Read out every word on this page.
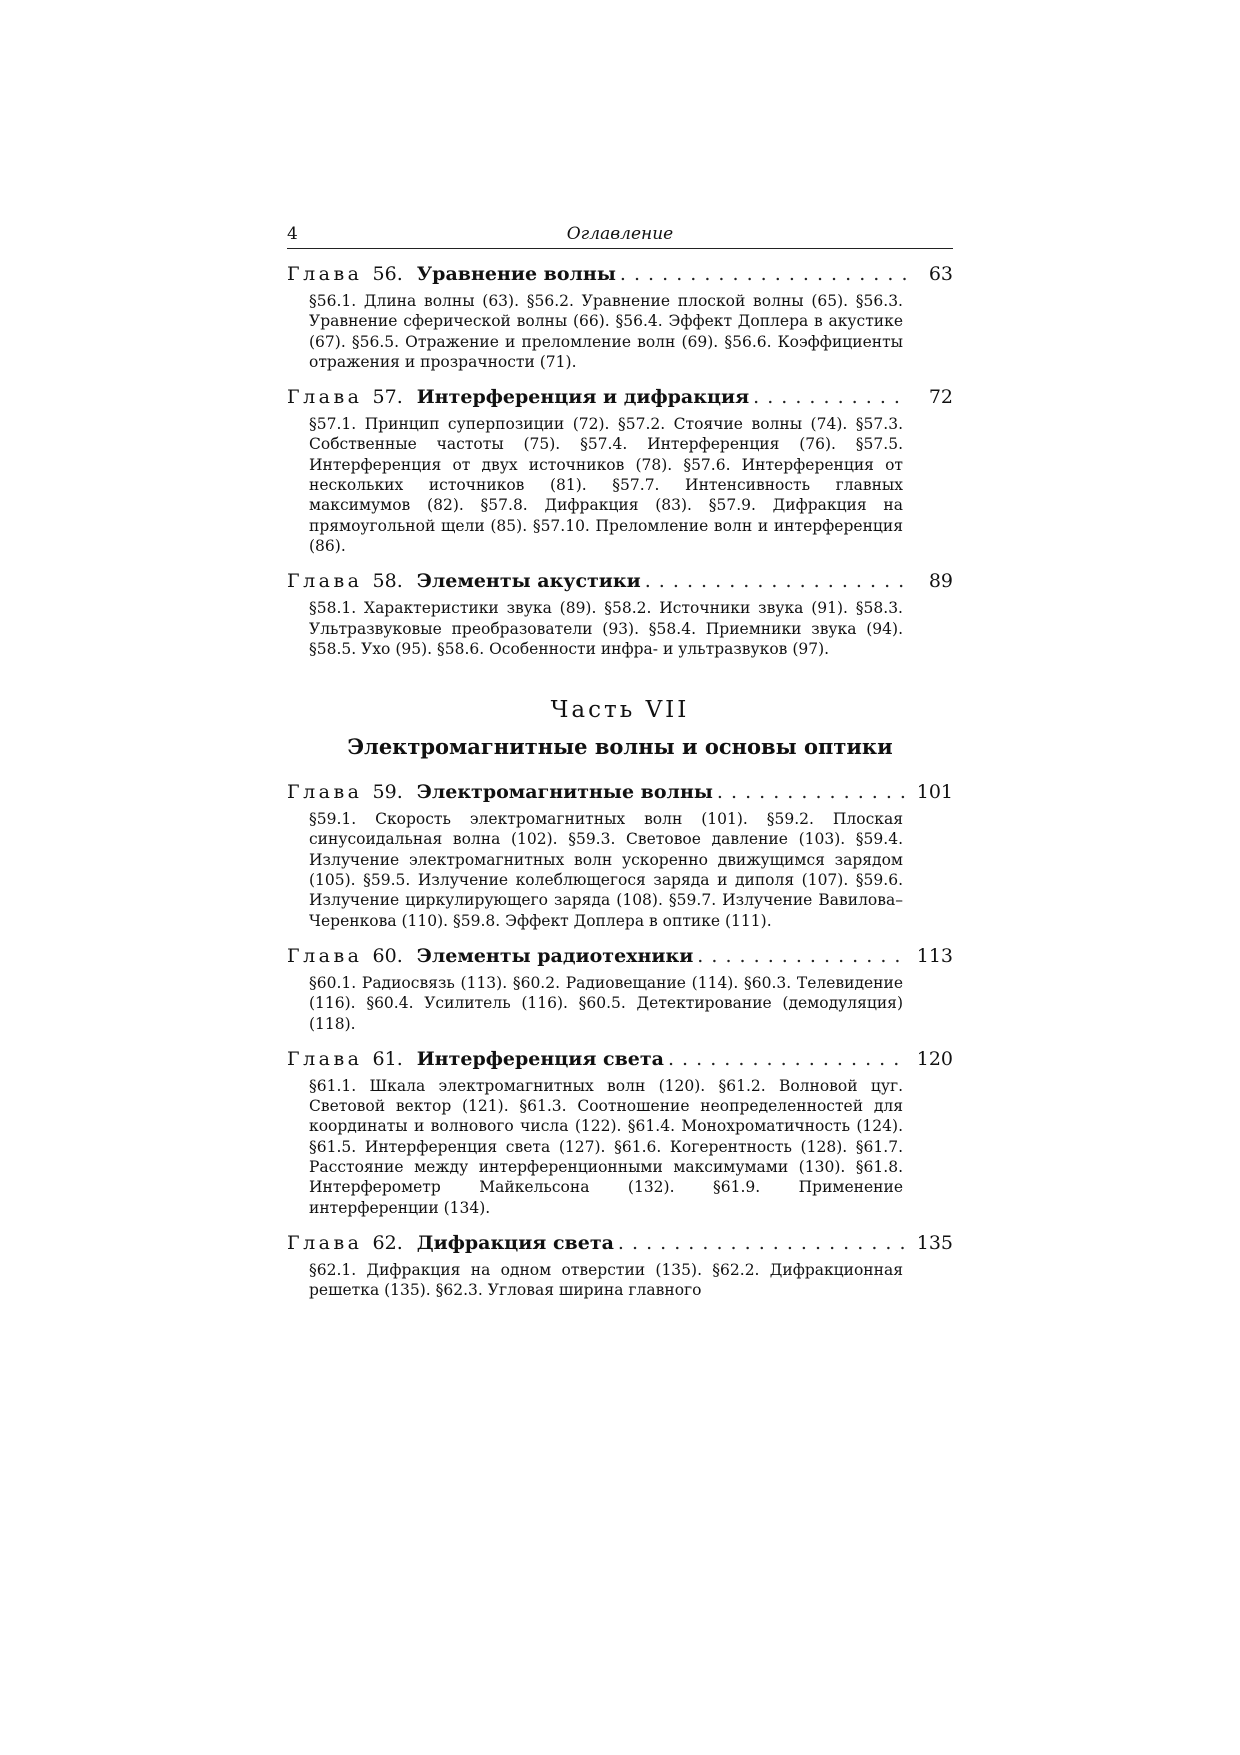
4	Оглавление
Глава 56. Уравнение волны . . .	63
§56.1. Длина волны (63). §56.2. Уравнение плоской волны (65). §56.3. Уравнение сферической волны (66). §56.4. Эффект Доплера в акустике (67). §56.5. Отражение и преломление волн (69). §56.6. Коэффициенты отражения и прозрачности (71).
Глава 57. Интерференция и дифракция . . .	72
§57.1. Принцип суперпозиции (72). §57.2. Стоячие волны (74). §57.3. Собственные частоты (75). §57.4. Интерференция (76). §57.5. Интерференция от двух источников (78). §57.6. Интерференция от нескольких источников (81). §57.7. Интенсивность главных максимумов (82). §57.8. Дифракция (83). §57.9. Дифракция на прямоугольной щели (85). §57.10. Преломление волн и интерференция (86).
Глава 58. Элементы акустики . . .	89
§58.1. Характеристики звука (89). §58.2. Источники звука (91). §58.3. Ультразвуковые преобразователи (93). §58.4. Приемники звука (94). §58.5. Ухо (95). §58.6. Особенности инфра- и ультразвуков (97).
Часть VII
Электромагнитные волны и основы оптики
Глава 59. Электромагнитные волны . . .	101
§59.1. Скорость электромагнитных волн (101). §59.2. Плоская синусоидальная волна (102). §59.3. Световое давление (103). §59.4. Излучение электромагнитных волн ускоренно движущимся зарядом (105). §59.5. Излучение колеблющегося заряда и диполя (107). §59.6. Излучение циркулирующего заряда (108). §59.7. Излучение Вавилова–Черенкова (110). §59.8. Эффект Доплера в оптике (111).
Глава 60. Элементы радиотехники . . .	113
§60.1. Радиосвязь (113). §60.2. Радиовещание (114). §60.3. Телевидение (116). §60.4. Усилитель (116). §60.5. Детектирование (демодуляция) (118).
Глава 61. Интерференция света . . .	120
§61.1. Шкала электромагнитных волн (120). §61.2. Волновой цуг. Световой вектор (121). §61.3. Соотношение неопределенностей для координаты и волнового числа (122). §61.4. Монохроматичность (124). §61.5. Интерференция света (127). §61.6. Когерентность (128). §61.7. Расстояние между интерференционными максимумами (130). §61.8. Интерферометр Майкельсона (132). §61.9. Применение интерференции (134).
Глава 62. Дифракция света . . .	135
§62.1. Дифракция на одном отверстии (135). §62.2. Дифракционная решетка (135). §62.3. Угловая ширина главного
